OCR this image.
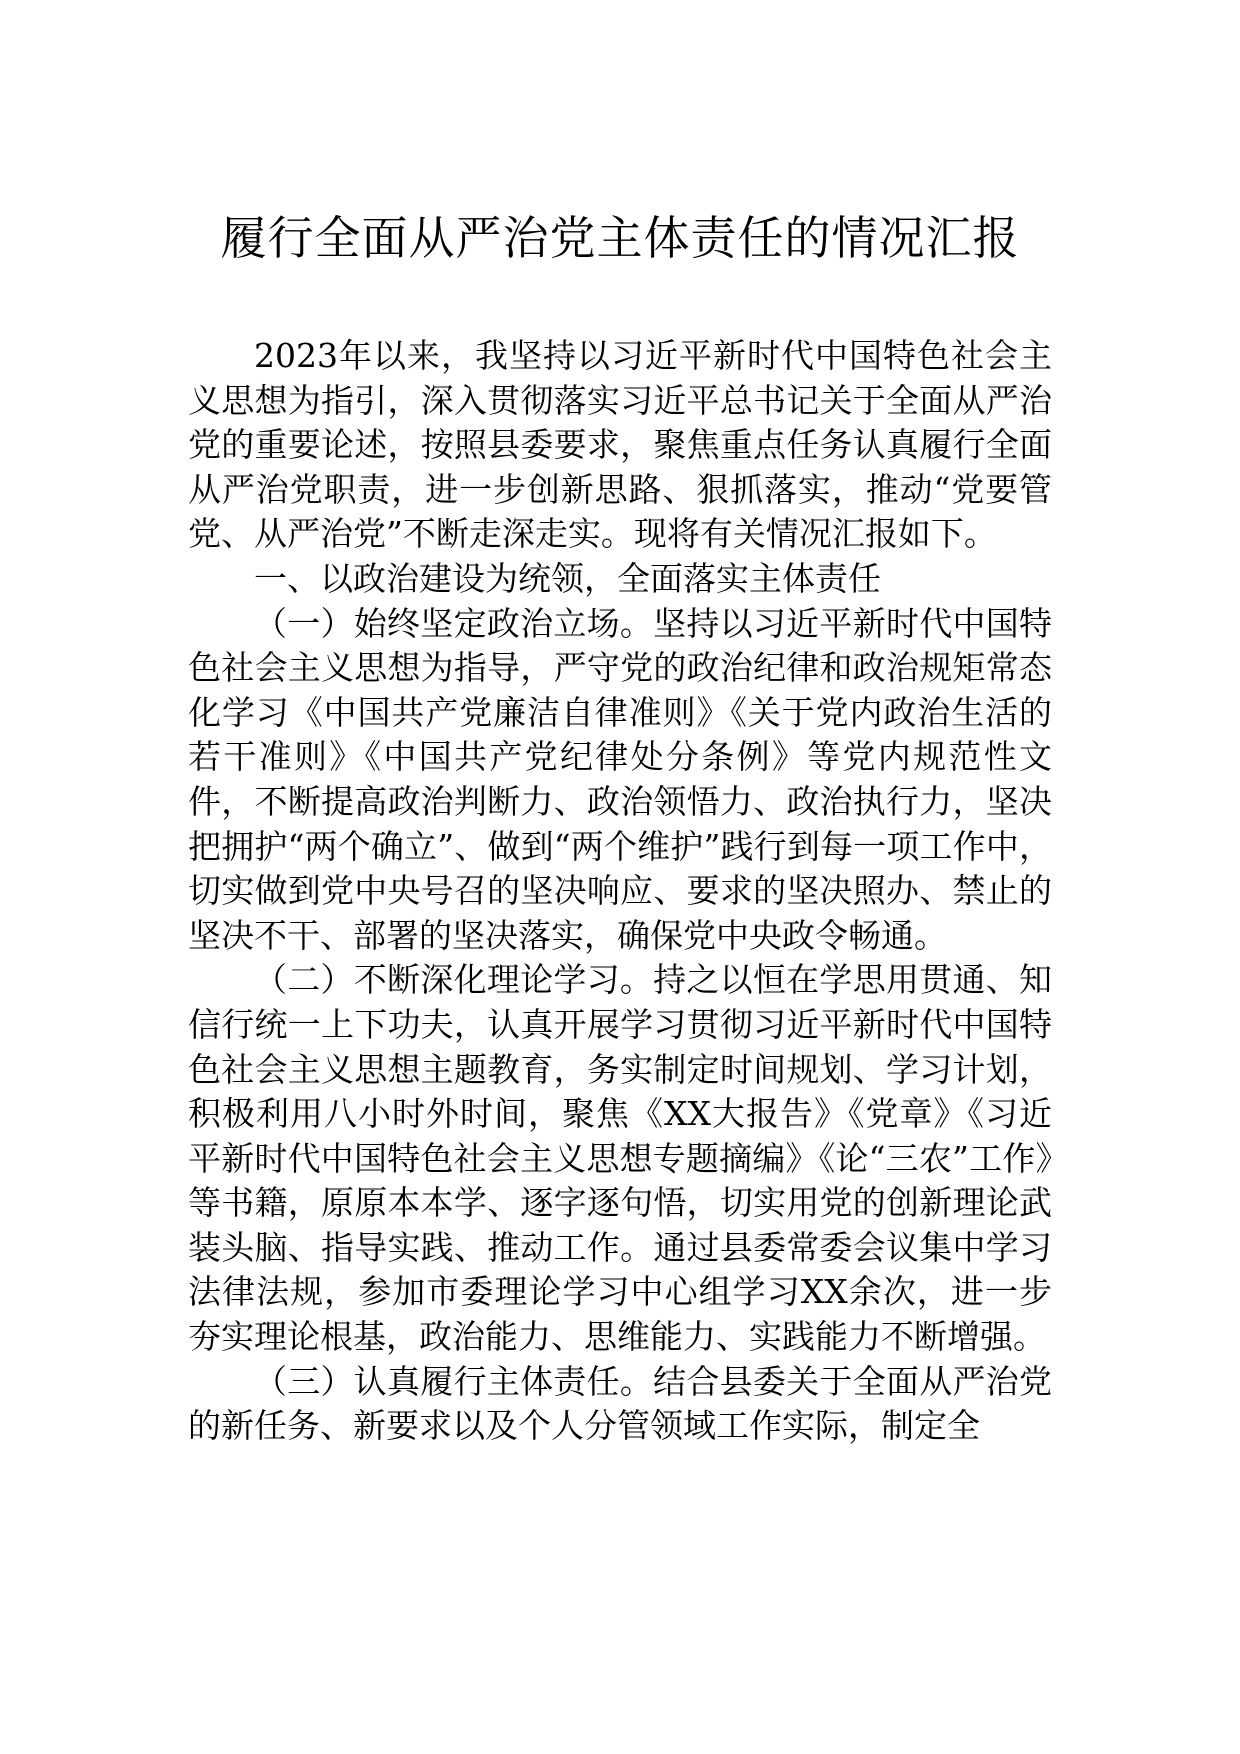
履行全面从严治党主体责任的情况汇报

2023年以来，我坚持以习近平新时代中国特色社会主义思想为指引，深入贯彻落实习近平总书记关于全面从严治党的重要论述，按照县委要求，聚焦重点任务认真履行全面从严治党职责，进一步创新思路、狠抓落实，推动“党要管党、从严治党”不断走深走实。现将有关情况汇报如下。

一、以政治建设为统领，全面落实主体责任

（一）始终坚定政治立场。坚持以习近平新时代中国特色社会主义思想为指导，严守党的政治纪律和政治规矩常态化学习《中国共产党廉洁自律准则》《关于党内政治生活的若干准则》《中国共产党纪律处分条例》等党内规范性文件，不断提高政治判断力、政治领悟力、政治执行力，坚决把拥护“两个确立”、做到“两个维护”践行到每一项工作中，切实做到党中央号召的坚决响应、要求的坚决照办、禁止的坚决不干、部署的坚决落实，确保党中央政令畅通。

（二）不断深化理论学习。持之以恒在学思用贯通、知信行统一上下功夫，认真开展学习贯彻习近平新时代中国特色社会主义思想主题教育，务实制定时间规划、学习计划，积极利用八小时外时间，聚焦《XX大报告》《党章》《习近平新时代中国特色社会主义思想专题摘编》《论“三农”工作》等书籍，原原本本学、逐字逐句悟，切实用党的创新理论武装头脑、指导实践、推动工作。通过县委常委会议集中学习法律法规，参加市委理论学习中心组学习XX余次，进一步夯实理论根基，政治能力、思维能力、实践能力不断增强。

（三）认真履行主体责任。结合县委关于全面从严治党的新任务、新要求以及个人分管领域工作实际，制定全
